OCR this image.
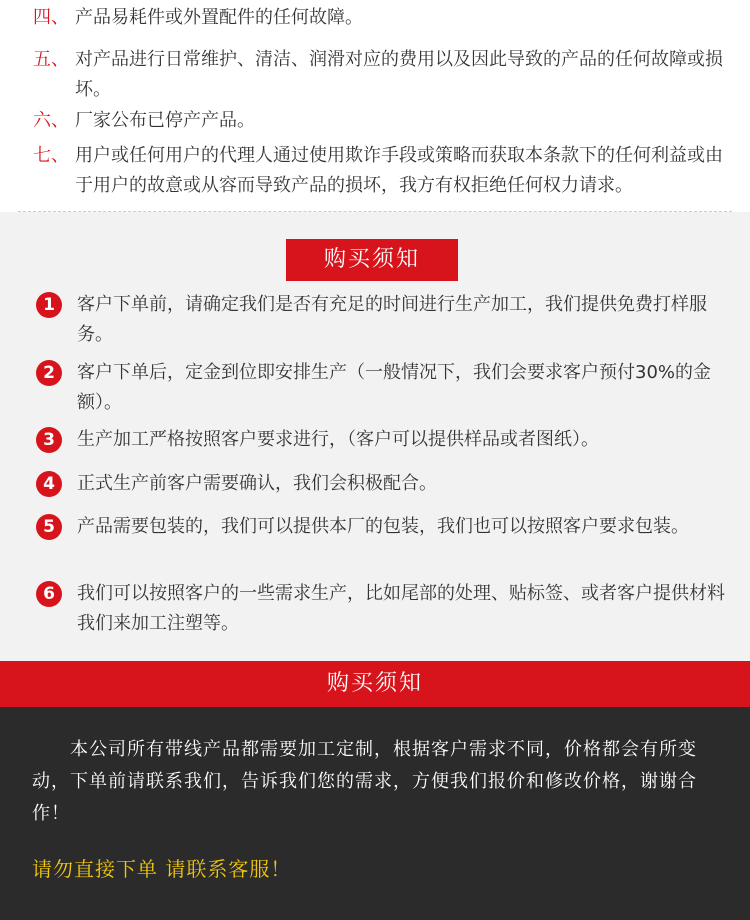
四、 产品易耗件或外置配件的任何故障。
五、 对产品进行日常维护、清洁、润滑对应的费用以及因此导致的产品的任何故障或损坏。
六、 厂家公布已停产产品。
七、 用户或任何用户的代理人通过使用欺诈手段或策略而获取本条款下的任何利益或由于用户的故意或从容而导致产品的损坏，我方有权拒绝任何权力请求。
购买须知
1	客户下单前，请确定我们是否有充足的时间进行生产加工，我们提供免费打样服务。
2	客户下单后，定金到位即安排生产（一般情况下，我们会要求客户预付30%的金额）。
3	生产加工严格按照客户要求进行，（客户可以提供样品或者图纸）。
4	正式生产前客户需要确认，我们会积极配合。
5	产品需要包装的，我们可以提供本厂的包装，我们也可以按照客户要求包装。
6	我们可以按照客户的一些需求生产，比如尾部的处理、贴标签、或者客户提供材料我们来加工注塑等。
购买须知
本公司所有带线产品都需要加工定制，根据客户需求不同，价格都会有所变动，下单前请联系我们，告诉我们您的需求，方便我们报价和修改价格，谢谢合作！
请勿直接下单 请联系客服！
